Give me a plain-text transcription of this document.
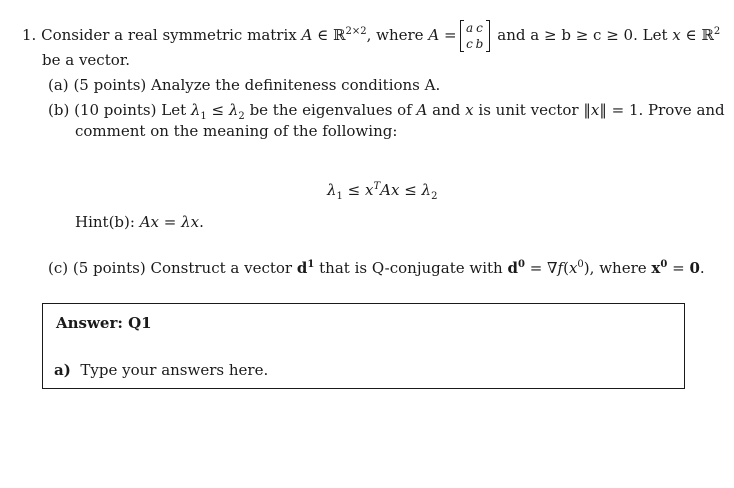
1. Consider a real symmetric matrix A ∈ ℝ$^{2\times 2}$, where A = a c
c b and a ≥ b ≥ c ≥ 0. Let x ∈ ℝ$^2$
be a vector.
(a) (5 points) Analyze the definiteness conditions A.
(b) (10 points) Let $\lambda_1 \le \lambda_2$ be the eigenvalues of A and x is unit vector ‖x‖ = 1. Prove and
comment on the meaning of the following:
$\lambda_1 \le x^TAx \le \lambda_2$
Hint(b): Ax = λx.
(c) (5 points) Construct a vector $d^1$ that is Q-conjugate with $d^0 = \nabla f(x^0)$, where $x^0 = 0$.
Answer: Q1
a) Type your answers here.
